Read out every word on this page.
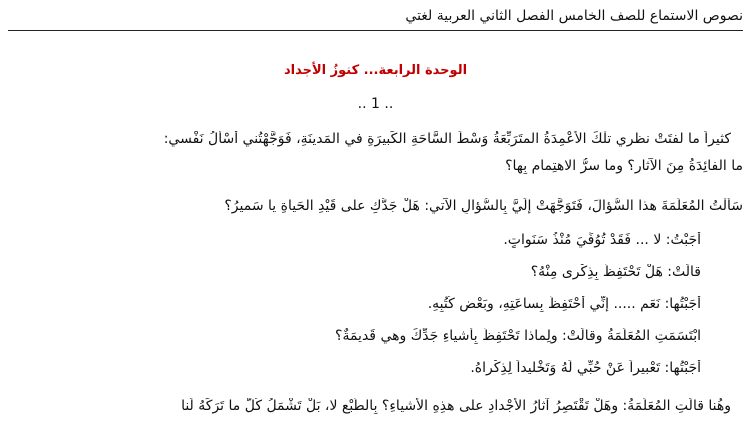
نصوص الاستماع للصف الخامس الفصل الثاني العربية لغتي
الوحدة الرابعة... كنوزُ الأجداد
.. 1 ..
كثيراً ما لفتَتْ نظري تلْكَ الأَعْمِدَةُ المتَرَبِّعَةُ وَسْطَ السَّاحَةِ الكَبيرَةِ في المَدينَةِ، فَوَجَّهْتُني أَسْأَلُ نَفْسي:
ما الفائِدَةُ مِنَ الآثارِ؟ وما سرُّ الاهتِمامِ بِها؟
سَأَلْتُ المُعَلِّمَةَ هذا السُّؤالَ، فَتَوَجَّهَتْ إِلَيَّ بِالسُّؤالِ الآتي: هَلْ جَدُّكِ على قَيْدِ الحَياةِ يا سَميرُ؟
أَجَبْتُ: لا ... فَقَدْ تُوُفِّيَ مُنْذُ سَنَواتٍ.
قالَتْ: هَلْ تَحْتَفِظُ بِذِكْرى مِنْهُ؟
أَجَبْتُها: نَعَم ..... إِنِّي أَحْتَفِظُ بِساعَتِهِ، وبَعْضِ كُتُبِهِ.
ابْتَسَمَتِ المُعَلِّمَةُ وقالَتْ: ولِماذا تَحْتَفِظُ بِأَشياءِ جَدِّكَ وهي قَديمَةٌ؟
أَجَبْتُها: تَعْبيراً عَنْ حُبِّي لَهُ وَتَخْليداً لِذِكْراهُ.
وهُنا قالَتِ المُعَلِّمَةُ: وهَلْ تَقْتَصِرُ آثارُ الأَجْدادِ على هذِهِ الأَشياءِ؟ بِالطَّبْعِ لا، بَلْ تَشْمَلُ كُلَّ ما تَرَكَهُ لَنا
